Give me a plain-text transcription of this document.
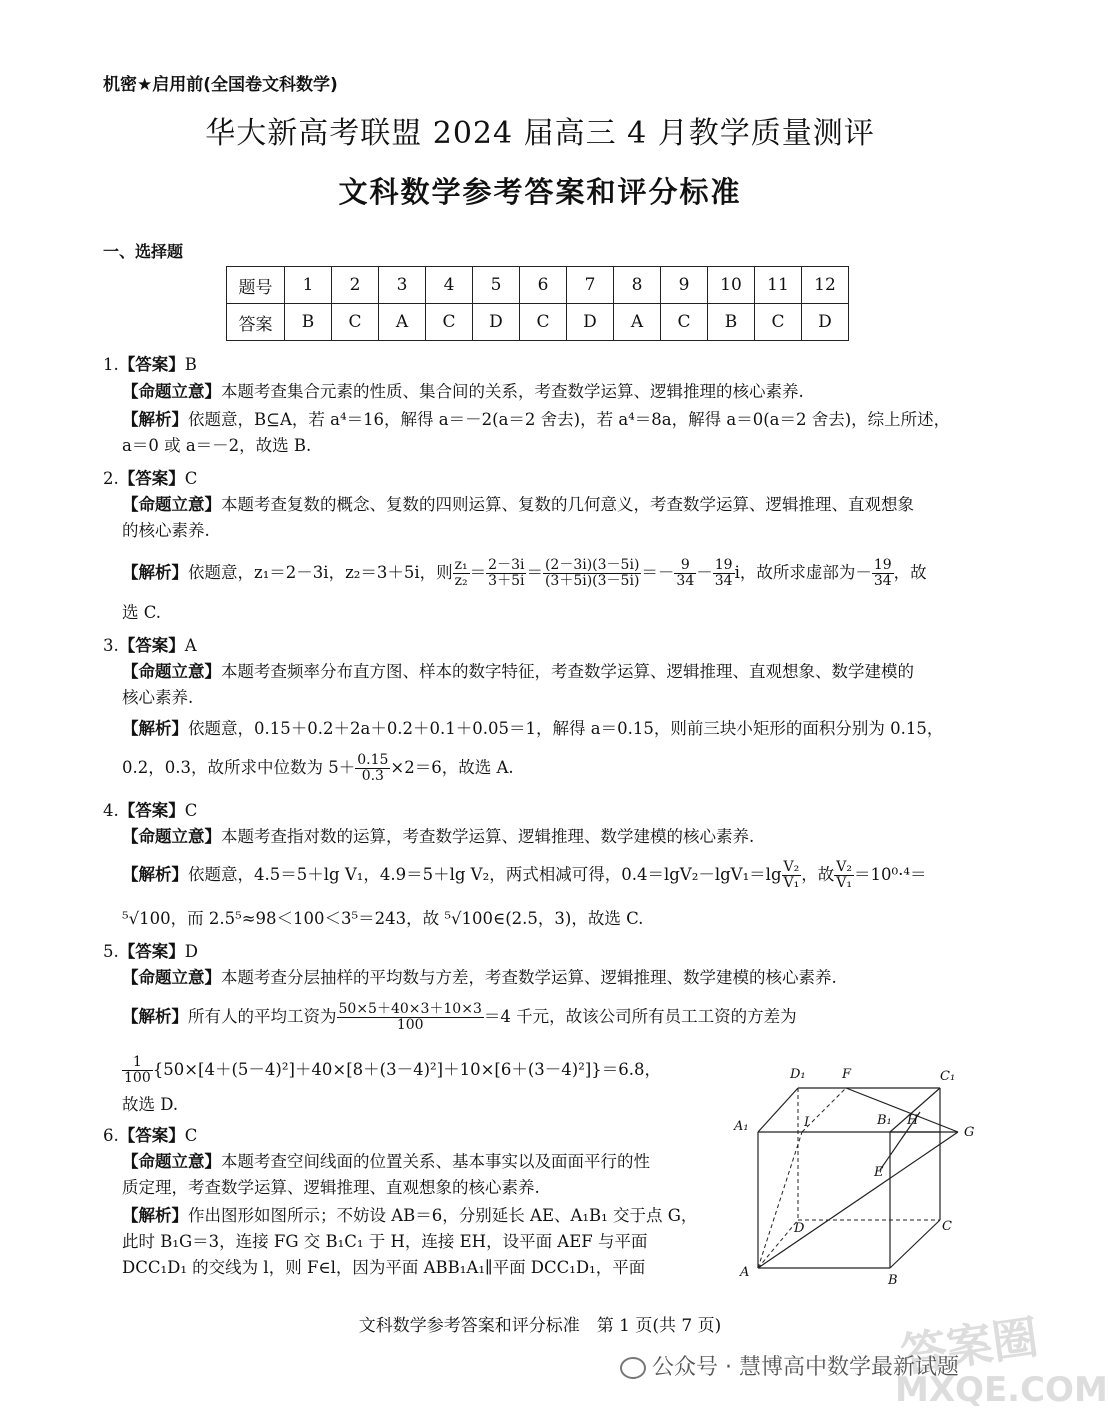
机密★启用前(全国卷文科数学)
华大新高考联盟 2024 届高三 4 月教学质量测评
文科数学参考答案和评分标准
一、选择题
题号	1	2	3	4	5	6	7	8	9	10	11	12
答案	B	C	A	C	D	C	D	A	C	B	C	D
1.【答案】B
【命题立意】本题考查集合元素的性质、集合间的关系，考查数学运算、逻辑推理的核心素养.
【解析】依题意，B⊆A，若 a⁴＝16，解得 a＝－2(a＝2 舍去)，若 a⁴＝8a，解得 a＝0(a＝2 舍去)，综上所述，
a＝0 或 a＝－2，故选 B.
2.【答案】C
【命题立意】本题考查复数的概念、复数的四则运算、复数的几何意义，考查数学运算、逻辑推理、直观想象
的核心素养.
【解析】依题意，z₁＝2－3i，z₂＝3＋5i，则 $\frac{\text{z₁}}{\text{z₂}} = \frac{2-3i}{3+5i} = \frac{(2-3i)(3-5i)}{(3+5i)(3-5i)} =- \frac{9}{34} - \frac{19}{34}$ i，故所求虚部为－ $\frac{19}{34}$ ，故
选 C.
3.【答案】A
【命题立意】本题考查频率分布直方图、样本的数字特征，考查数学运算、逻辑推理、直观想象、数学建模的
核心素养.
【解析】依题意，0.15＋0.2＋2a＋0.2＋0.1＋0.05＝1，解得 a＝0.15，则前三块小矩形的面积分别为 0.15，
0.2，0.3，故所求中位数为 $5+ \frac{0.15}{0.3} \times 2=6$，故选 A.
4.【答案】C
【命题立意】本题考查指对数的运算，考查数学运算、逻辑推理、数学建模的核心素养.
【解析】依题意，4.5＝5＋lg V₁，4.9＝5＋lg V₂，两式相减可得，$0.4=\lg V_2-\lg V_1=\lg \frac{\text{V₂}}{\text{V₁}}$ ，故 $\frac{\text{V₂}}{\text{V₁}} =10^0\cdot^4=$
⁵√100，而 2.5⁵≈98＜100＜3⁵＝243，故 ⁵√100∈(2.5，3)，故选 C.
5.【答案】D
【命题立意】本题考查分层抽样的平均数与方差，考查数学运算、逻辑推理、数学建模的核心素养.
【解析】所有人的平均工资为 $\frac{50\times 5+40\times 3+10\times 3}{100} =4$ 千元，故该公司所有员工工资的方差为
$\frac{1}{100} \{50\times[4+(5-4)^2]+40\times[8+(3-4)^2]+10\times[6+(3-4)^2]\}=6.8$，
故选 D.
6.【答案】C
【命题立意】本题考查空间线面的位置关系、基本事实以及面面平行的性
质定理，考查数学运算、逻辑推理、直观想象的核心素养.
【解析】作出图形如图所示；不妨设 AB＝6，分别延长 AE、A₁B₁ 交于点 G，
此时 B₁G＝3，连接 FG 交 B₁C₁ 于 H，连接 EH，设平面 AEF 与平面
DCC₁D₁ 的交线为 l，则 F∈l，因为平面 ABB₁A₁∥平面 DCC₁D₁，平面
D₁	F	C₁
A₁	I	B₁ H
G
E
D	C
A
B
文科数学参考答案和评分标准　第 1 页(共 7 页)	答案圈
公众号 · 慧博高中数学最新试题
MXQE.COM
